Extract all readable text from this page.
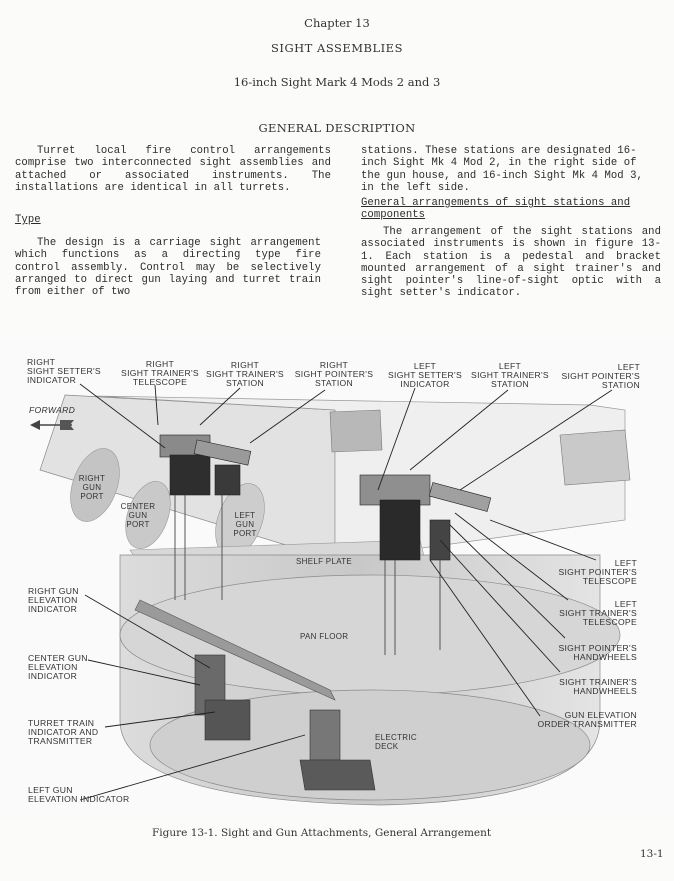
Chapter 13
SIGHT ASSEMBLIES
16-inch Sight Mark 4 Mods 2 and 3
GENERAL DESCRIPTION
Turret local fire control arrangements comprise two interconnected sight assemblies and attached or associated instruments. The installations are identical in all turrets.
Type
The design is a carriage sight arrangement which functions as a directing type fire control assembly. Control may be selectively arranged to direct gun laying and turret train from either of two
stations. These stations are designated 16-inch Sight Mk 4 Mod 2, in the right side of the gun house, and 16-inch Sight Mk 4 Mod 3, in the left side.
General arrangements of sight stations and components
The arrangement of the sight stations and associated instruments is shown in figure 13-1. Each station is a pedestal and bracket mounted arrangement of a sight trainer's and sight pointer's line-of-sight optic with a sight setter's indicator.
RIGHT
SIGHT SETTER'S
INDICATOR
RIGHT
SIGHT TRAINER'S
TELESCOPE
RIGHT
SIGHT TRAINER'S
STATION
RIGHT
SIGHT POINTER'S
STATION
LEFT
SIGHT SETTER'S
INDICATOR
LEFT
SIGHT TRAINER'S
STATION
LEFT
SIGHT POINTER'S
STATION
FORWARD
RIGHT
GUN
PORT
CENTER
GUN
PORT
LEFT
GUN
PORT
SHELF PLATE
PAN FLOOR
ELECTRIC
DECK
RIGHT GUN
ELEVATION
INDICATOR
CENTER GUN
ELEVATION
INDICATOR
TURRET TRAIN
INDICATOR AND
TRANSMITTER
LEFT GUN
ELEVATION INDICATOR
LEFT
SIGHT POINTER'S
TELESCOPE
LEFT
SIGHT TRAINER'S
TELESCOPE
SIGHT POINTER'S
HANDWHEELS
SIGHT TRAINER'S
HANDWHEELS
GUN ELEVATION
ORDER TRANSMITTER
Figure 13-1. Sight and Gun Attachments, General Arrangement
13-1
